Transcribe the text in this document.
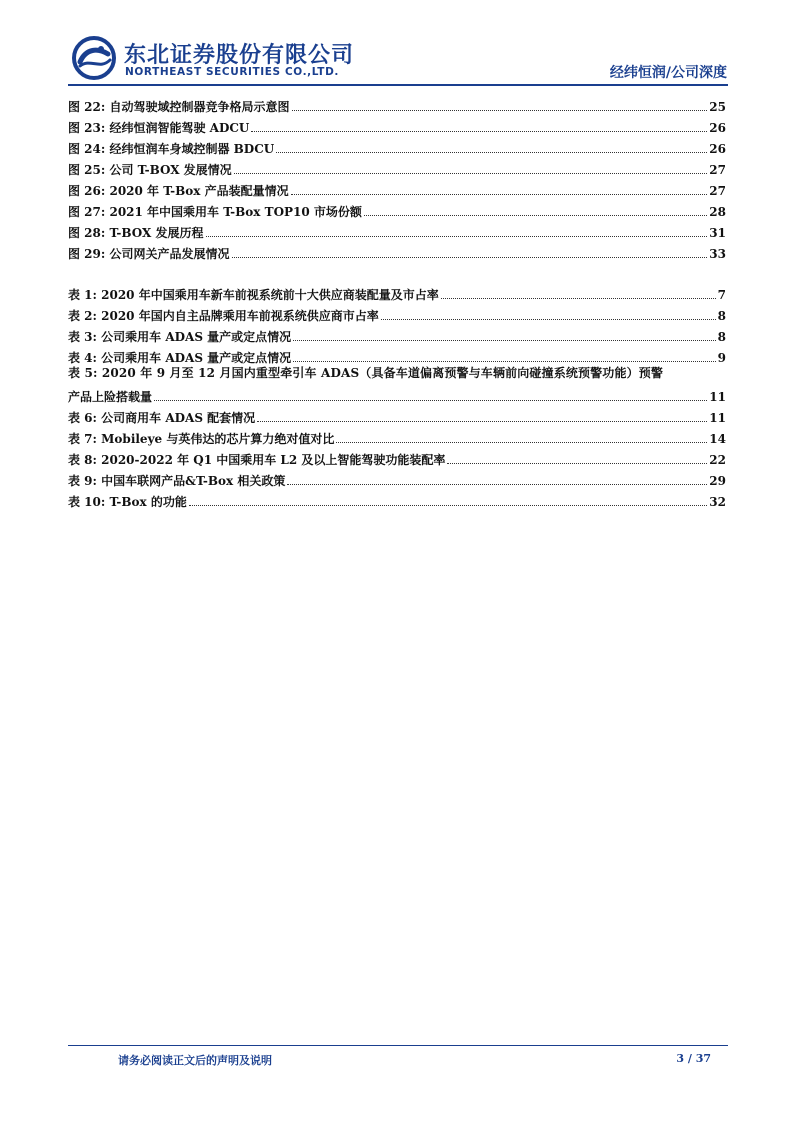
东北证券股份有限公司
NORTHEAST SECURITIES CO.,LTD.	经纬恒润/公司深度
图 22: 自动驾驶域控制器竞争格局示意图	25
图 23: 经纬恒润智能驾驶 ADCU	26
图 24: 经纬恒润车身域控制器 BDCU	26
图 25: 公司 T-BOX 发展情况	27
图 26: 2020 年 T-Box 产品装配量情况	27
图 27: 2021 年中国乘用车 T-Box TOP10 市场份额	28
图 28: T-BOX 发展历程	31
图 29: 公司网关产品发展情况	33
表 1: 2020 年中国乘用车新车前视系统前十大供应商装配量及市占率	7
表 2: 2020 年国内自主品牌乘用车前视系统供应商市占率	8
表 3: 公司乘用车 ADAS 量产或定点情况	8
表 4: 公司乘用车 ADAS 量产或定点情况	9
表 5: 2020 年 9 月至 12 月国内重型牵引车 ADAS（具备车道偏离预警与车辆前向碰撞系统预警功能）预警
产品上险搭载量	11
表 6: 公司商用车 ADAS 配套情况	11
表 7: Mobileye 与英伟达的芯片算力绝对值对比	14
表 8: 2020-2022 年 Q1 中国乘用车 L2 及以上智能驾驶功能装配率	22
表 9: 中国车联网产品&T-Box 相关政策	29
表 10: T-Box 的功能	32
请务必阅读正文后的声明及说明	3 / 37
